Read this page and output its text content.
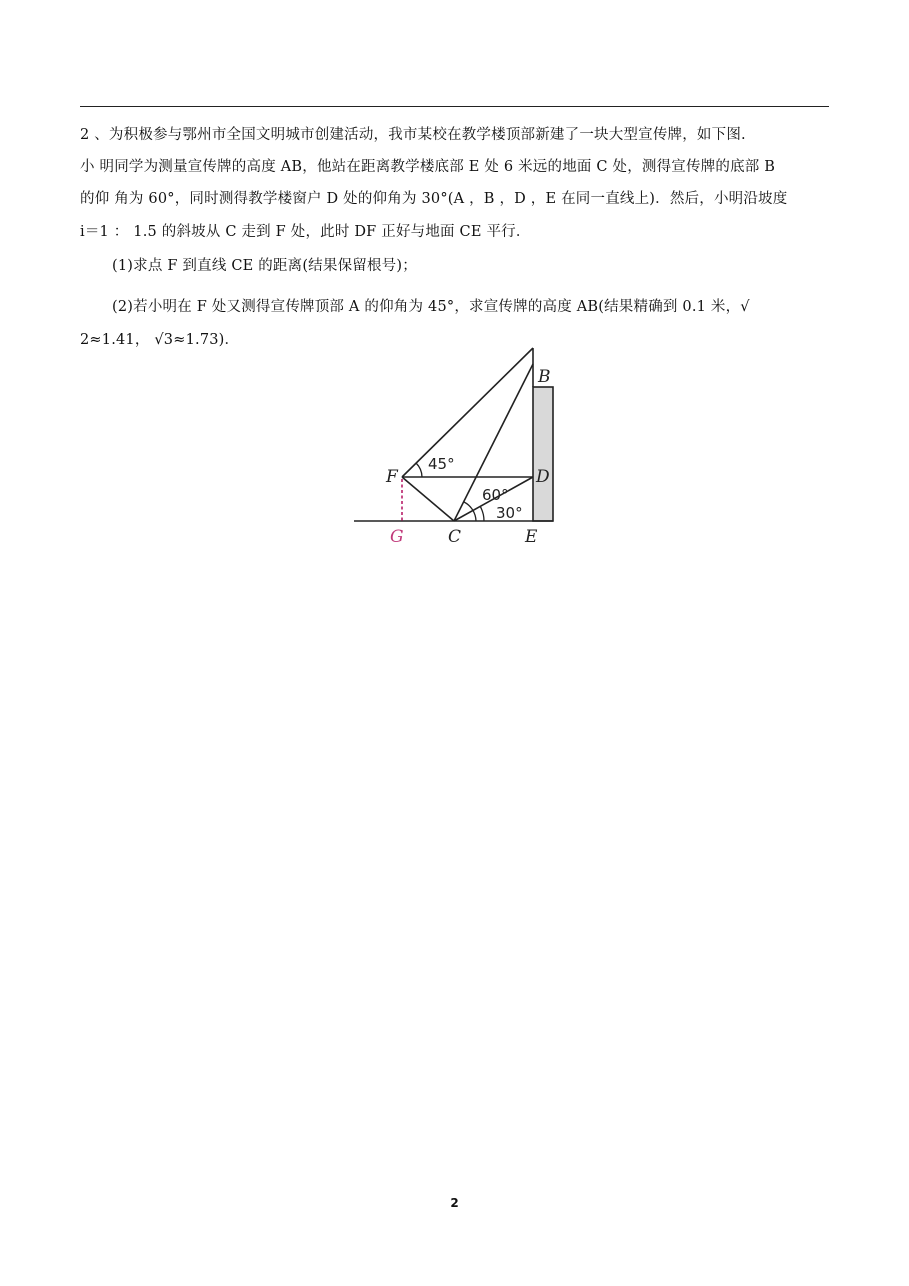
2 、为积极参与鄂州市全国文明城市创建活动，我市某校在教学楼顶部新建了一块大型宣传牌，如下图.
小 明同学为测量宣传牌的高度 AB，他站在距离教学楼底部 E 处 6 米远的地面 C 处，测得宣传牌的底部 B
的仰 角为 60°，同时测得教学楼窗户 D 处的仰角为 30°(A ，B ，D ，E 在同一直线上)．然后，小明沿坡度
i＝1 ： 1.5 的斜坡从 C 走到 F 处，此时 DF 正好与地面 CE 平行．
(1)求点 F 到直线 CE 的距离(结果保留根号)；
(2)若小明在 F 处又测得宣传牌顶部 A 的仰角为 45°，求宣传牌的高度 AB(结果精确到 0.1 米，√
2≈1.41， √3≈1.73)．
B
F	D
G	C	E
45°
60°
30°
2
